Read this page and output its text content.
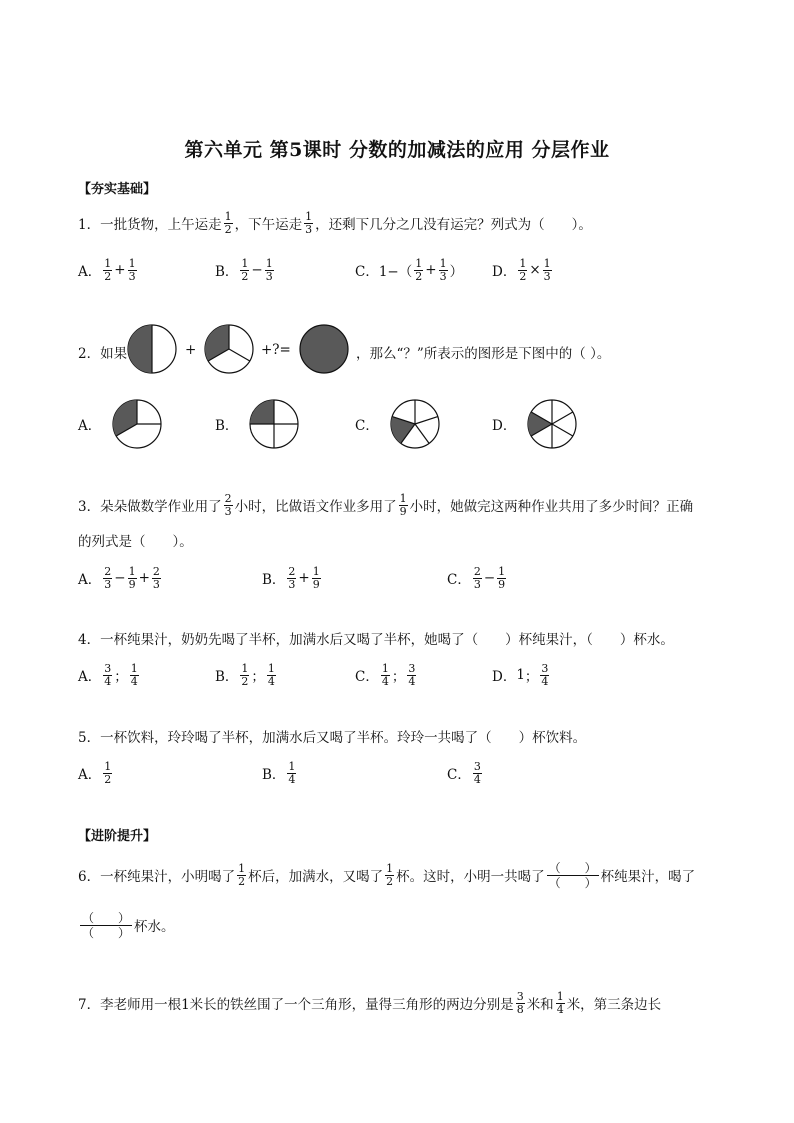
第六单元 第5课时 分数的加减法的应用 分层作业
【夯实基础】
1．一批货物，上午运走 $\frac{1}{2}$ ，下午运走 $\frac{1}{3}$ ，还剩下几分之几没有运完？列式为（　　）。
A． $\frac{1}{2} + \frac{1}{3}$	B． $\frac{1}{2} - \frac{1}{3}$	C． $1-( \frac{1}{2} + \frac{1}{3}$ ） D． $\frac{1}{2} \times \frac{1}{3}$
2．如果	+	+?=	，那么“？”所表示的图形是下图中的（ ）。
A．	B．	C．	D．
3．朵朵做数学作业用了 $\frac{2}{3}$ 小时，比做语文作业多用了 $\frac{1}{9}$ 小时，她做完这两种作业共用了多少时间？正确
的列式是（　　）。
A． $\frac{2}{3} - \frac{1}{9} + \frac{2}{3}$	B． $\frac{2}{3} + \frac{1}{9}$	C． $\frac{2}{3} - \frac{1}{9}$
4．一杯纯果汁，奶奶先喝了半杯，加满水后又喝了半杯，她喝了（　　）杯纯果汁，（　　）杯水。
A． $\frac{3}{4}$ ； $\frac{1}{4}$	B． $\frac{1}{2}$ ； $\frac{1}{4}$	C． $\frac{1}{4}$ ； $\frac{3}{4}$	D． 1 ； $\frac{3}{4}$
5．一杯饮料，玲玲喝了半杯，加满水后又喝了半杯。玲玲一共喝了（　　）杯饮料。
A． $\frac{1}{2}$	B． $\frac{1}{4}$	C． $\frac{3}{4}$
【进阶提升】
6．一杯纯果汁，小明喝了 $\frac{1}{2}$ 杯后，加满水，又喝了 $\frac{1}{2}$ 杯。这时，小明一共喝了
（　　）
（　　） 杯纯果汁，喝了
（　　）
（　　） 杯水。
7．李老师用一根1米长的铁丝围了一个三角形，量得三角形的两边分别是 $\frac{3}{8}$ 米和 $\frac{1}{4}$ 米，第三条边长
